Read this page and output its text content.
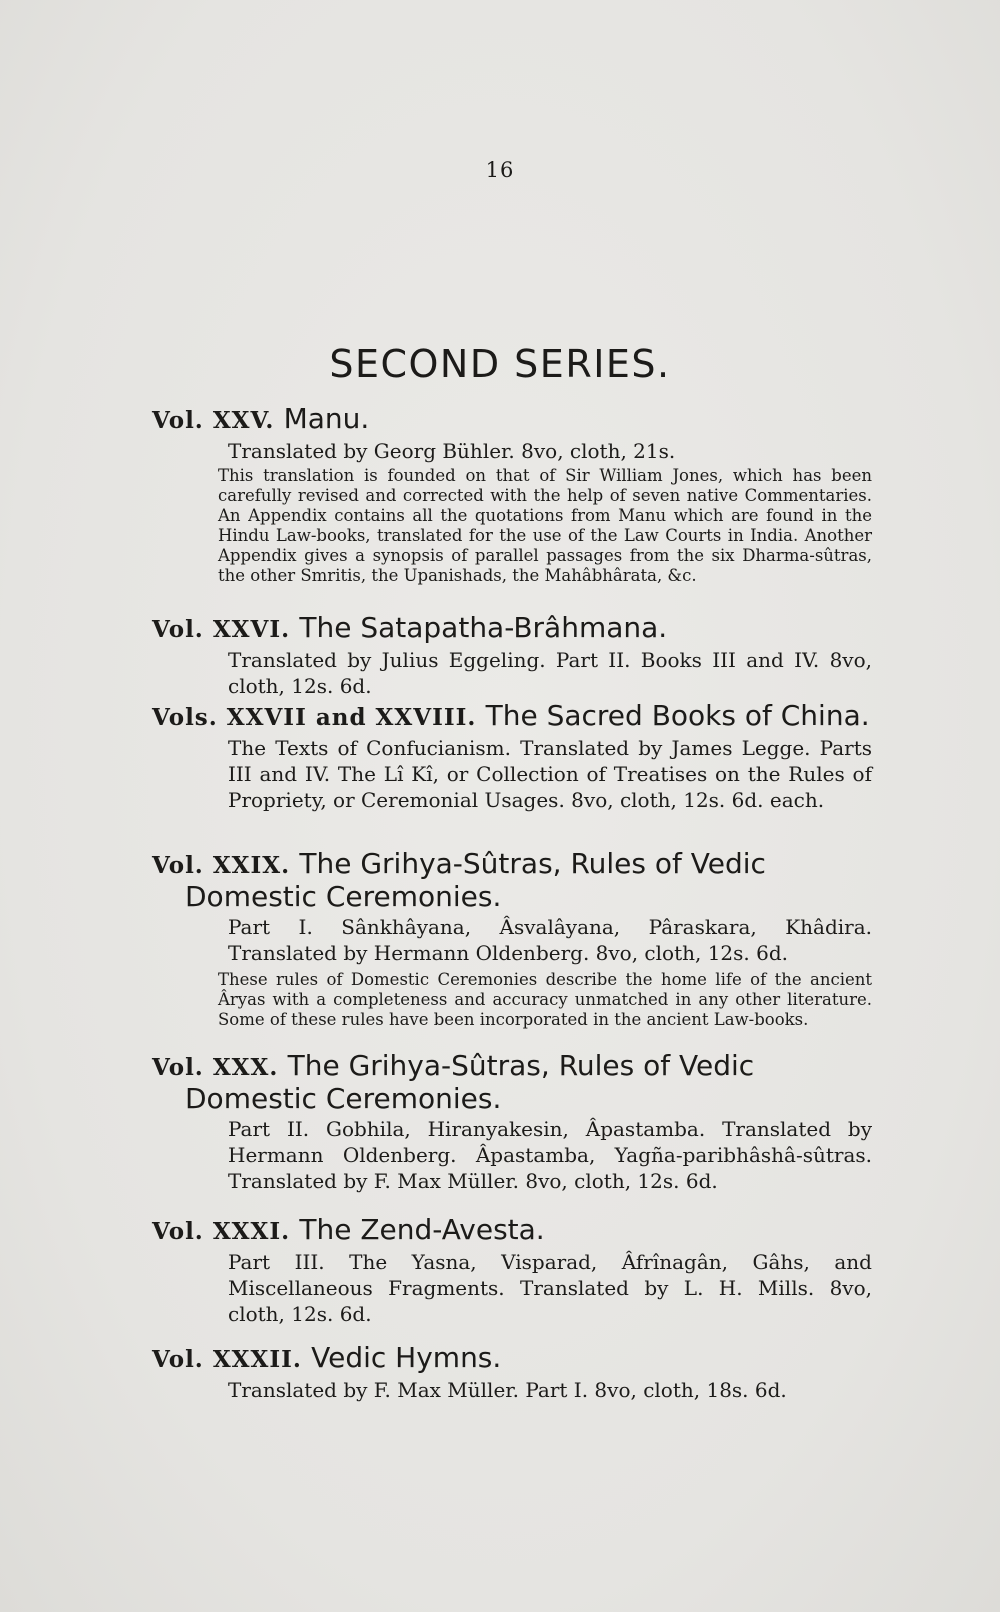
16
SECOND SERIES.
Vol. XXV. Manu.
Translated by Georg Bühler. 8vo, cloth, 21s.
This translation is founded on that of Sir William Jones, which has been carefully revised and corrected with the help of seven native Commentaries. An Appendix contains all the quotations from Manu which are found in the Hindu Law-books, translated for the use of the Law Courts in India. Another Appendix gives a synopsis of parallel passages from the six Dharma-sûtras, the other Smritis, the Upanishads, the Mahâbhârata, &c.
Vol. XXVI. The Satapatha-Brâhmana.
Translated by Julius Eggeling. Part II. Books III and IV. 8vo, cloth, 12s. 6d.
Vols. XXVII and XXVIII. The Sacred Books of China.
The Texts of Confucianism. Translated by James Legge. Parts III and IV. The Lî Kî, or Collection of Treatises on the Rules of Propriety, or Ceremonial Usages. 8vo, cloth, 12s. 6d. each.
Vol. XXIX. The Grihya-Sûtras, Rules of Vedic
Domestic Ceremonies.
Part I. Sânkhâyana, Âsvalâyana, Pâraskara, Khâdira. Translated by Hermann Oldenberg. 8vo, cloth, 12s. 6d.
These rules of Domestic Ceremonies describe the home life of the ancient Âryas with a completeness and accuracy unmatched in any other literature. Some of these rules have been incorporated in the ancient Law-books.
Vol. XXX. The Grihya-Sûtras, Rules of Vedic
Domestic Ceremonies.
Part II. Gobhila, Hiranyakesin, Âpastamba. Translated by Hermann Oldenberg. Âpastamba, Yagña-paribhâshâ-sûtras. Translated by F. Max Müller. 8vo, cloth, 12s. 6d.
Vol. XXXI. The Zend-Avesta.
Part III. The Yasna, Visparad, Âfrînagân, Gâhs, and Miscellaneous Fragments. Translated by L. H. Mills. 8vo, cloth, 12s. 6d.
Vol. XXXII. Vedic Hymns.
Translated by F. Max Müller. Part I. 8vo, cloth, 18s. 6d.
